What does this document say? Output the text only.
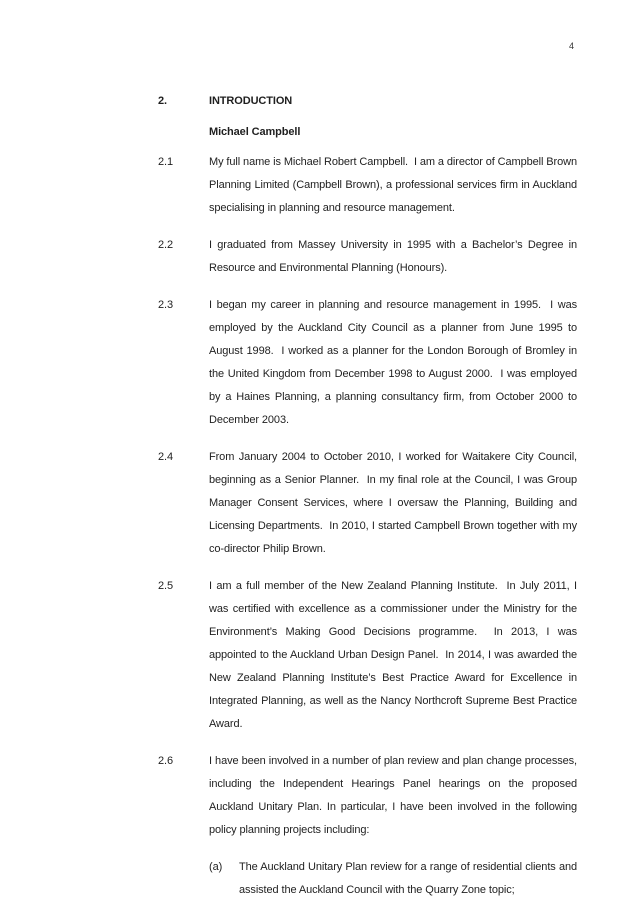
4
2.	INTRODUCTION
Michael Campbell
2.1	My full name is Michael Robert Campbell.  I am a director of Campbell Brown Planning Limited (Campbell Brown), a professional services firm in Auckland specialising in planning and resource management.
2.2	I graduated from Massey University in 1995 with a Bachelor’s Degree in Resource and Environmental Planning (Honours).
2.3	I began my career in planning and resource management in 1995.  I was employed by the Auckland City Council as a planner from June 1995 to August 1998.  I worked as a planner for the London Borough of Bromley in the United Kingdom from December 1998 to August 2000.  I was employed by a Haines Planning, a planning consultancy firm, from October 2000 to December 2003.
2.4	From January 2004 to October 2010, I worked for Waitakere City Council, beginning as a Senior Planner.  In my final role at the Council, I was Group Manager Consent Services, where I oversaw the Planning, Building and Licensing Departments.  In 2010, I started Campbell Brown together with my co-director Philip Brown.
2.5	I am a full member of the New Zealand Planning Institute.  In July 2011, I was certified with excellence as a commissioner under the Ministry for the Environment’s Making Good Decisions programme.  In 2013, I was appointed to the Auckland Urban Design Panel.  In 2014, I was awarded the New Zealand Planning Institute’s Best Practice Award for Excellence in Integrated Planning, as well as the Nancy Northcroft Supreme Best Practice Award.
2.6	I have been involved in a number of plan review and plan change processes, including the Independent Hearings Panel hearings on the proposed Auckland Unitary Plan. In particular, I have been involved in the following policy planning projects including:
(a)	The Auckland Unitary Plan review for a range of residential clients and assisted the Auckland Council with the Quarry Zone topic;
